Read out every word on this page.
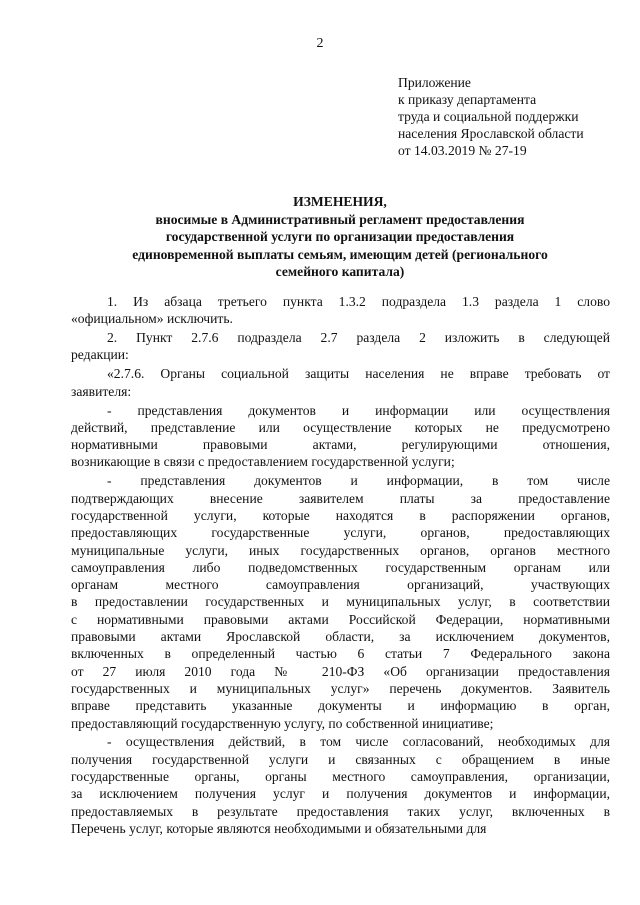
2
Приложение
к приказу департамента
труда и социальной поддержки
населения Ярославской области
от 14.03.2019 № 27-19
ИЗМЕНЕНИЯ,
вносимые в Административный регламент предоставления
государственной услуги по организации предоставления
единовременной выплаты семьям, имеющим детей (регионального
семейного капитала)
1. Из абзаца третьего пункта 1.3.2 подраздела 1.3 раздела 1 слово
«официальном» исключить.
2. Пункт 2.7.6 подраздела 2.7 раздела 2 изложить в следующей
редакции:
«2.7.6. Органы социальной защиты населения не вправе требовать от
заявителя:
- представления документов и информации или осуществления
действий, представление или осуществление которых не предусмотрено
нормативными правовыми актами, регулирующими отношения,
возникающие в связи с предоставлением государственной услуги;
- представления документов и информации, в том числе
подтверждающих внесение заявителем платы за предоставление
государственной услуги, которые находятся в распоряжении органов,
предоставляющих государственные услуги, органов, предоставляющих
муниципальные услуги, иных государственных органов, органов местного
самоуправления либо подведомственных государственным органам или
органам местного самоуправления организаций, участвующих
в предоставлении государственных и муниципальных услуг, в соответствии
с нормативными правовыми актами Российской Федерации, нормативными
правовыми актами Ярославской области, за исключением документов,
включенных в определенный частью 6 статьи 7 Федерального закона
от 27 июля 2010 года № 210-ФЗ «Об организации предоставления
государственных и муниципальных услуг» перечень документов. Заявитель
вправе представить указанные документы и информацию в орган,
предоставляющий государственную услугу, по собственной инициативе;
- осуществления действий, в том числе согласований, необходимых для
получения государственной услуги и связанных с обращением в иные
государственные органы, органы местного самоуправления, организации,
за исключением получения услуг и получения документов и информации,
предоставляемых в результате предоставления таких услуг, включенных в
Перечень услуг, которые являются необходимыми и обязательными для
